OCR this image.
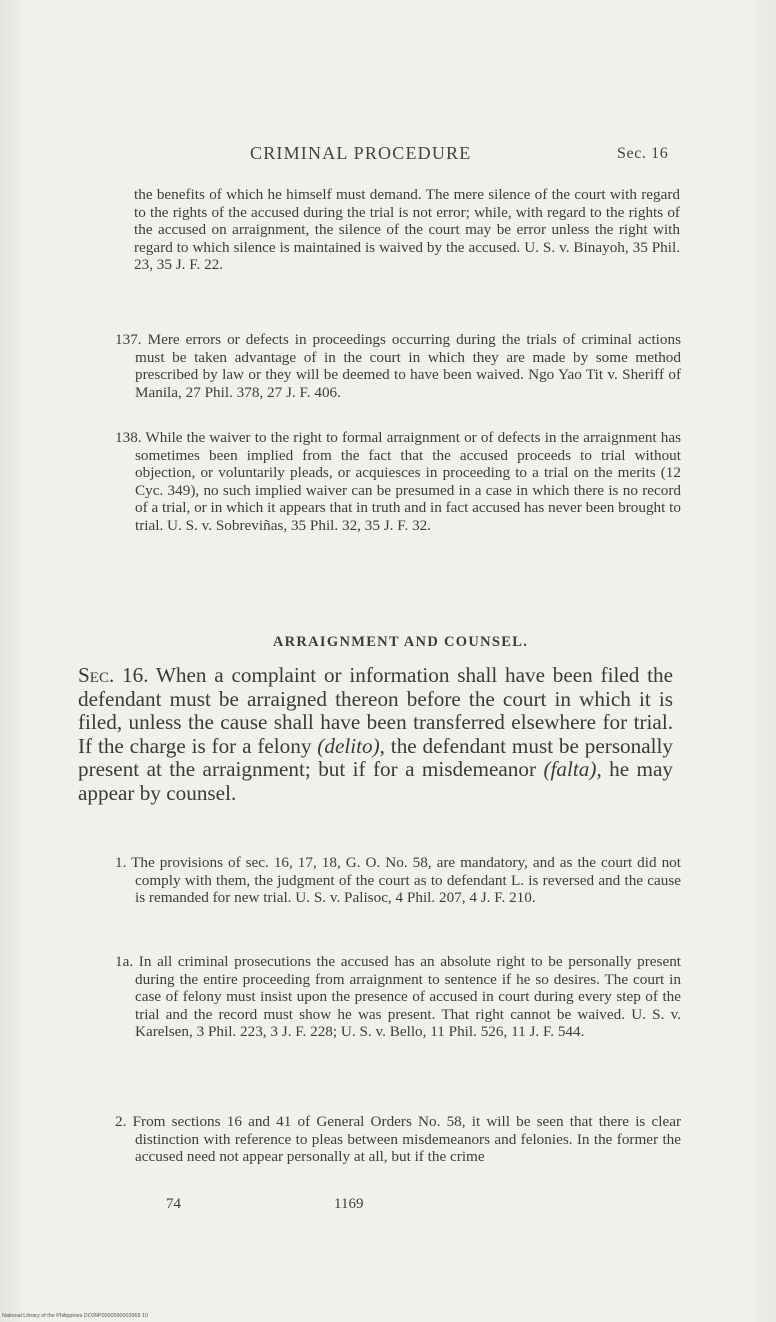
CRIMINAL PROCEDURE	Sec. 16

the benefits of which he himself must demand. The mere silence of the court with regard to the rights of the accused during the trial is not error; while, with regard to the rights of the accused on arraignment, the silence of the court may be error unless the right with regard to which silence is maintained is waived by the accused. U. S. v. Binayoh, 35 Phil. 23, 35 J. F. 22.

137. Mere errors or defects in proceedings occurring during the trials of criminal actions must be taken advantage of in the court in which they are made by some method prescribed by law or they will be deemed to have been waived. Ngo Yao Tit v. Sheriff of Manila, 27 Phil. 378, 27 J. F. 406.

138. While the waiver to the right to formal arraignment or of defects in the arraignment has sometimes been implied from the fact that the accused proceeds to trial without objection, or voluntarily pleads, or acquiesces in proceeding to a trial on the merits (12 Cyc. 349), no such implied waiver can be presumed in a case in which there is no record of a trial, or in which it appears that in truth and in fact accused has never been brought to trial. U. S. v. Sobreviñas, 35 Phil. 32, 35 J. F. 32.

ARRAIGNMENT AND COUNSEL.

Sec. 16. When a complaint or information shall have been filed the defendant must be arraigned thereon before the court in which it is filed, unless the cause shall have been transferred elsewhere for trial. If the charge is for a felony (delito), the defendant must be personally present at the arraignment; but if for a misdemeanor (falta), he may appear by counsel.

1. The provisions of sec. 16, 17, 18, G. O. No. 58, are mandatory, and as the court did not comply with them, the judgment of the court as to defendant L. is reversed and the cause is remanded for new trial. U. S. v. Palisoc, 4 Phil. 207, 4 J. F. 210.

1a. In all criminal prosecutions the accused has an absolute right to be personally present during the entire proceeding from arraignment to sentence if he so desires. The court in case of felony must insist upon the presence of accused in court during every step of the trial and the record must show he was present. That right cannot be waived. U. S. v. Karelsen, 3 Phil. 223, 3 J. F. 228; U. S. v. Bello, 11 Phil. 526, 11 J. F. 544.

2. From sections 16 and 41 of General Orders No. 58, it will be seen that there is clear distinction with reference to pleas between misdemeanors and felonies. In the former the accused need not appear personally at all, but if the crime

74	1169
National Library of the Philippines DO39P0000590003969 10
